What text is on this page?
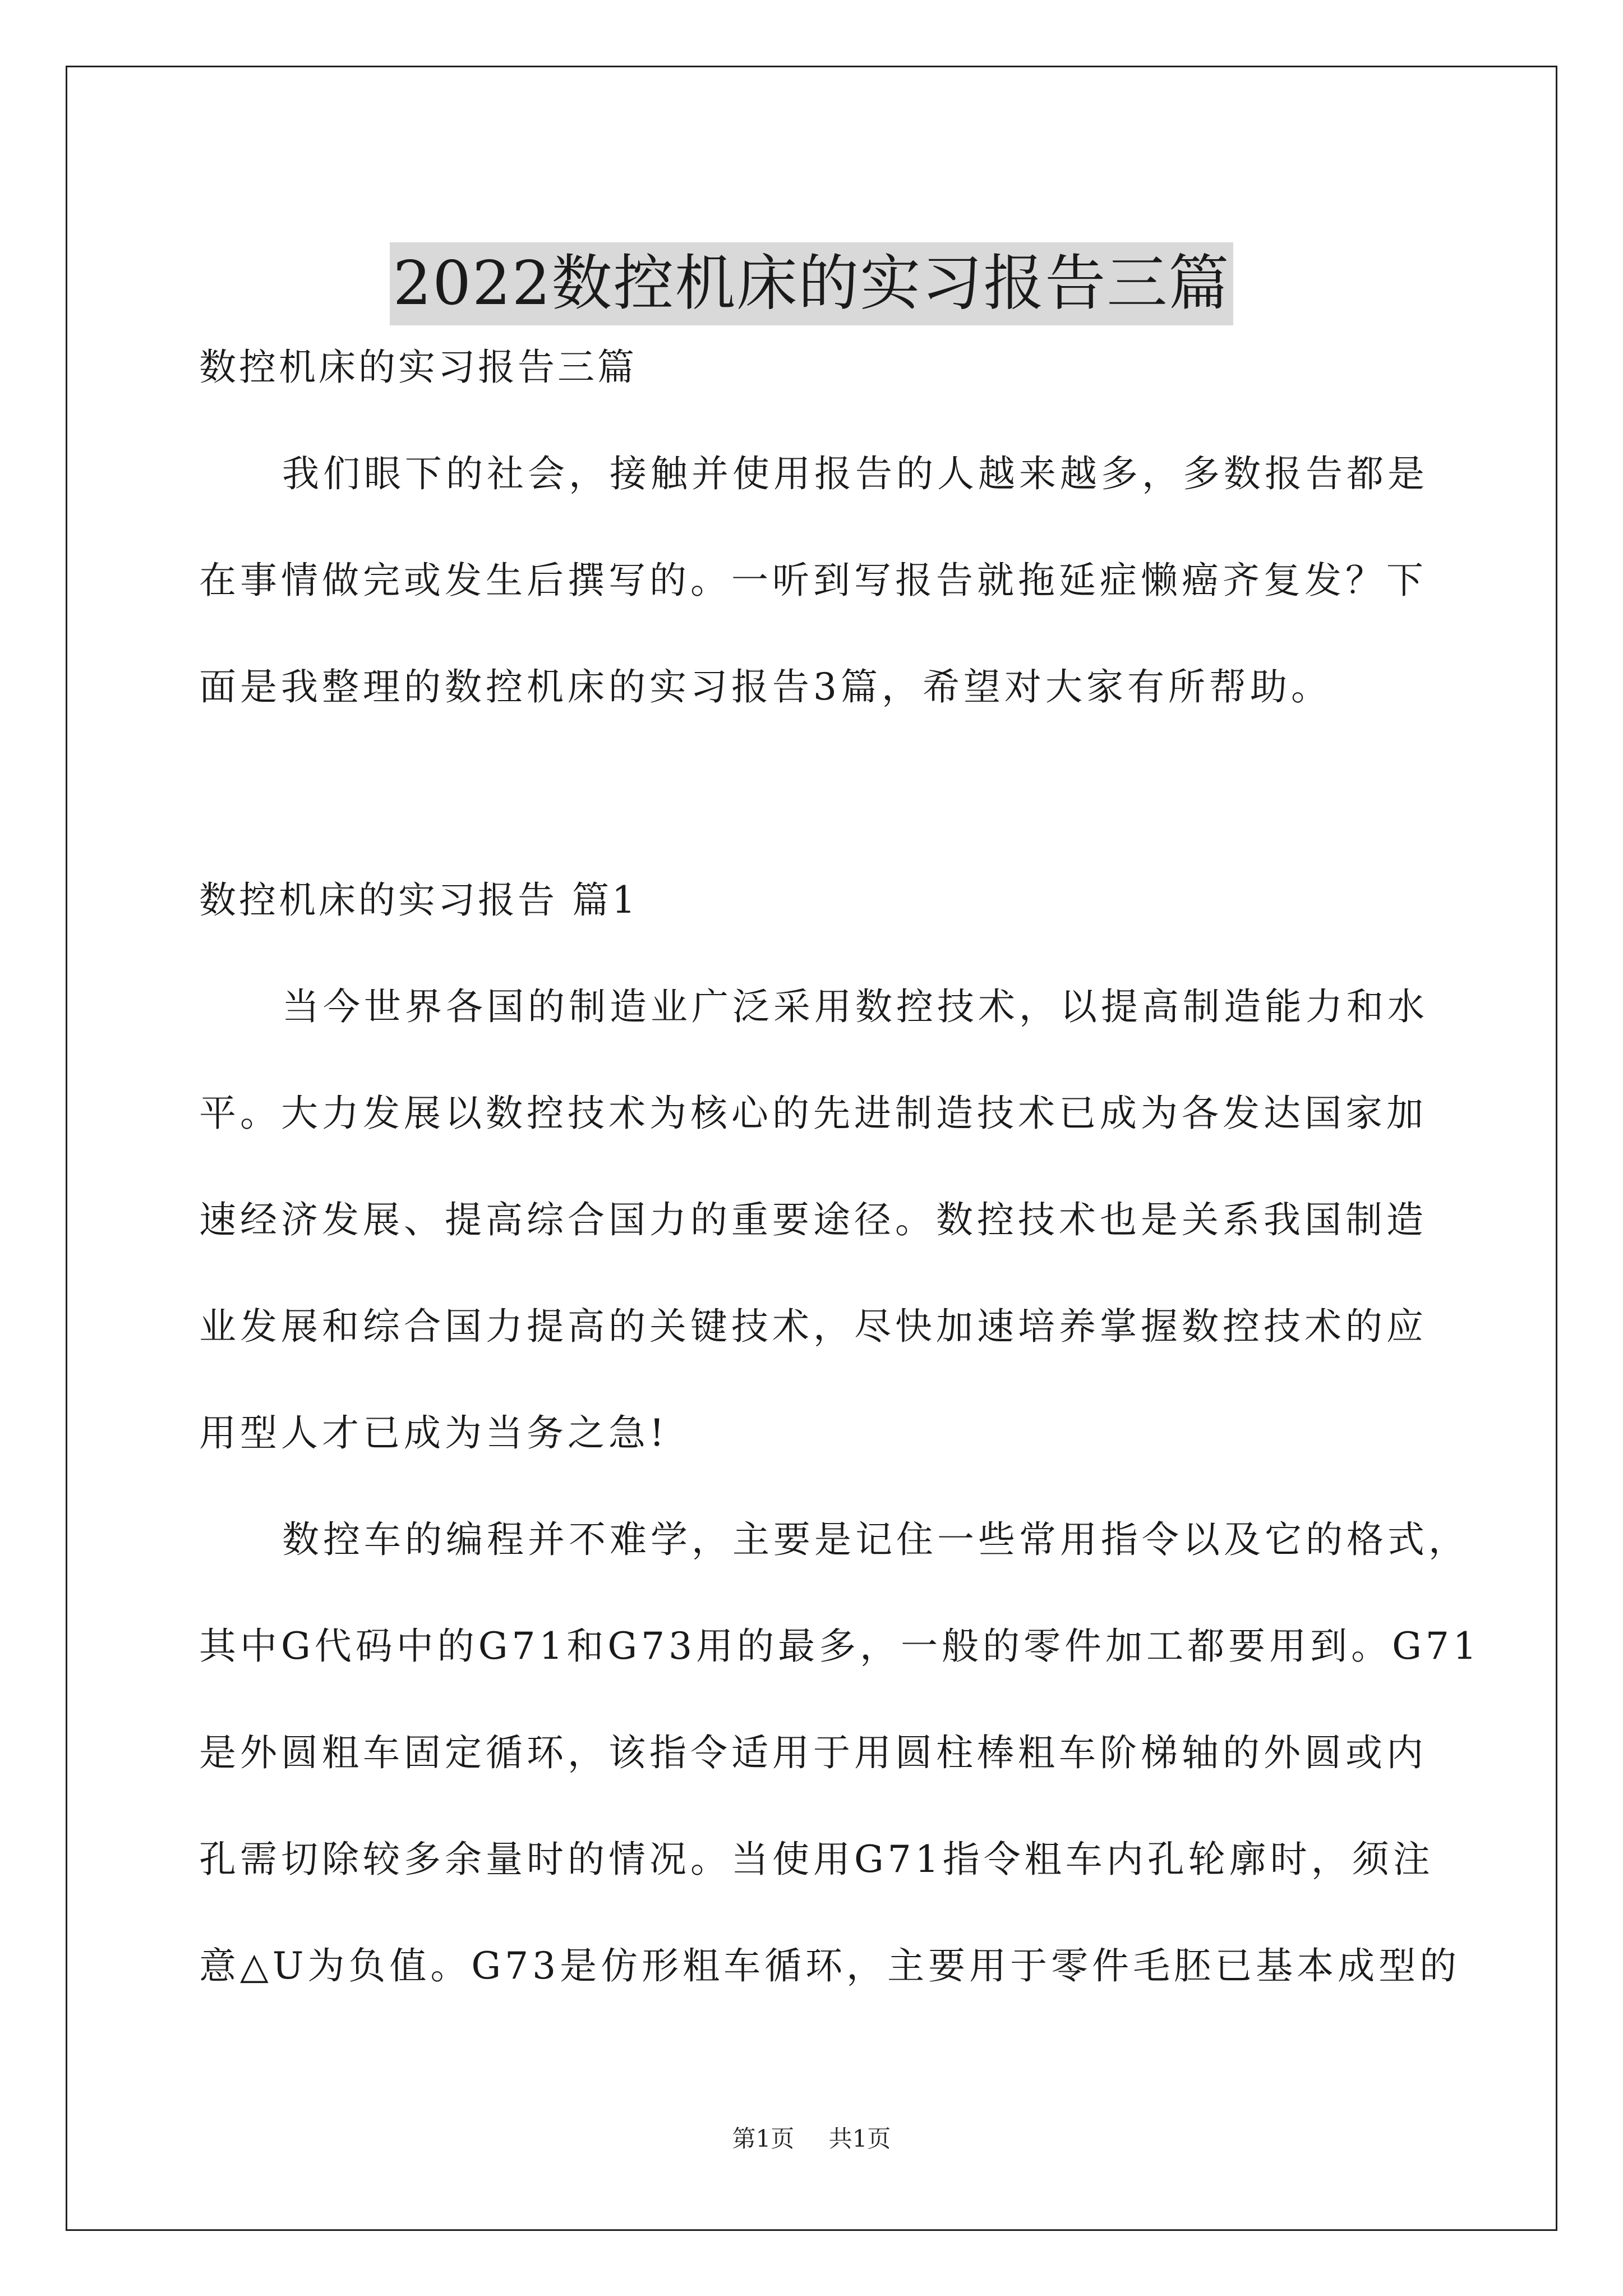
2022数控机床的实习报告三篇
数控机床的实习报告三篇
我们眼下的社会，接触并使用报告的人越来越多，多数报告都是
在事情做完或发生后撰写的。一听到写报告就拖延症懒癌齐复发？下
面是我整理的数控机床的实习报告3篇，希望对大家有所帮助。
数控机床的实习报告 篇1
当今世界各国的制造业广泛采用数控技术，以提高制造能力和水
平。大力发展以数控技术为核心的先进制造技术已成为各发达国家加
速经济发展、提高综合国力的重要途径。数控技术也是关系我国制造
业发展和综合国力提高的关键技术，尽快加速培养掌握数控技术的应
用型人才已成为当务之急!
数控车的编程并不难学，主要是记住一些常用指令以及它的格式，
其中G代码中的G71和G73用的最多，一般的零件加工都要用到。G71
是外圆粗车固定循环，该指令适用于用圆柱棒粗车阶梯轴的外圆或内
孔需切除较多余量时的情况。当使用G71指令粗车内孔轮廓时，须注
意△U为负值。G73是仿形粗车循环，主要用于零件毛胚已基本成型的
第1页 共1页
